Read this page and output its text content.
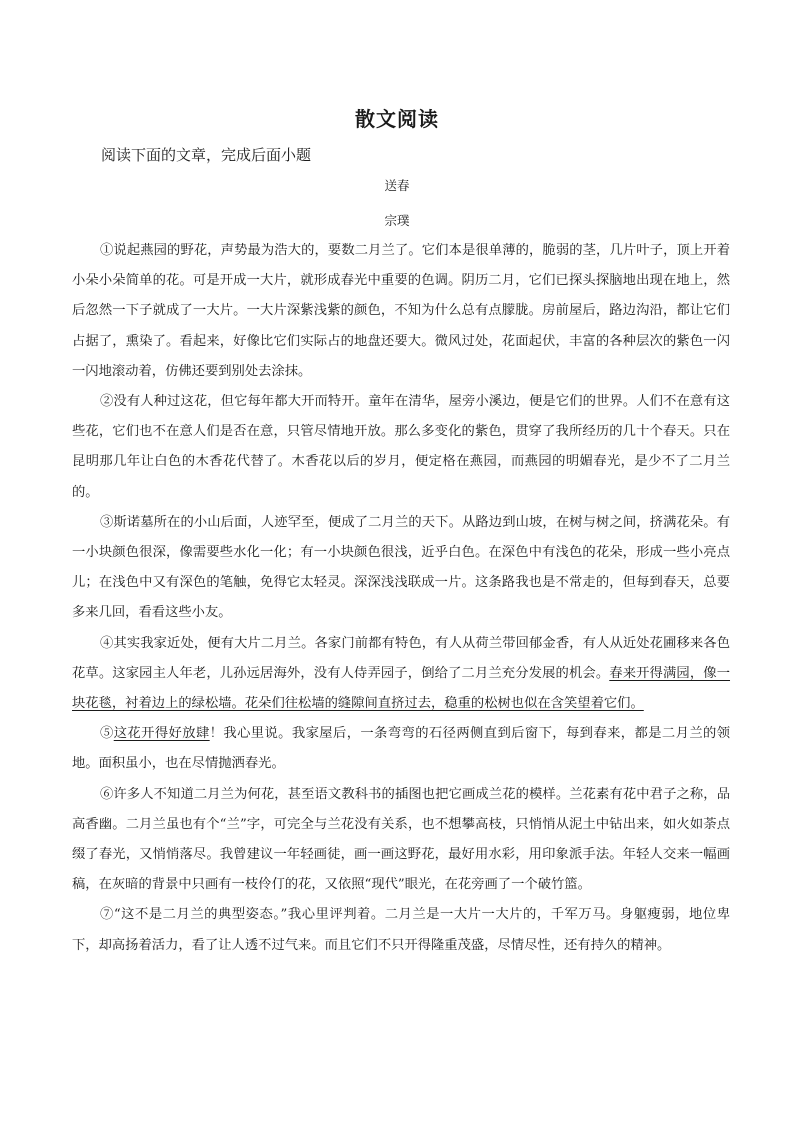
散文阅读
阅读下面的文章，完成后面小题
送春
宗璞

①说起燕园的野花，声势最为浩大的，要数二月兰了。它们本是很单薄的，脆弱的茎，几片叶子，顶上开着小朵小朵简单的花。可是开成一大片，就形成春光中重要的色调。阴历二月，它们已探头探脑地出现在地上，然后忽然一下子就成了一大片。一大片深紫浅紫的颜色，不知为什么总有点朦胧。房前屋后，路边沟沿，都让它们占据了，熏染了。看起来，好像比它们实际占的地盘还要大。微风过处，花面起伏，丰富的各种层次的紫色一闪一闪地滚动着，仿佛还要到别处去涂抹。

②没有人种过这花，但它每年都大开而特开。童年在清华，屋旁小溪边，便是它们的世界。人们不在意有这些花，它们也不在意人们是否在意，只管尽情地开放。那么多变化的紫色，贯穿了我所经历的几十个春天。只在昆明那几年让白色的木香花代替了。木香花以后的岁月，便定格在燕园，而燕园的明媚春光，是少不了二月兰的。

③斯诺墓所在的小山后面，人迹罕至，便成了二月兰的天下。从路边到山坡，在树与树之间，挤满花朵。有一小块颜色很深，像需要些水化一化；有一小块颜色很浅，近乎白色。在深色中有浅色的花朵，形成一些小亮点儿；在浅色中又有深色的笔触，免得它太轻灵。深深浅浅联成一片。这条路我也是不常走的，但每到春天，总要多来几回，看看这些小友。

④其实我家近处，便有大片二月兰。各家门前都有特色，有人从荷兰带回郁金香，有人从近处花圃移来各色花草。这家园主人年老，儿孙远居海外，没有人侍弄园子，倒给了二月兰充分发展的机会。春来开得满园，像一块花毯，衬着边上的绿松墙。花朵们往松墙的缝隙间直挤过去，稳重的松树也似在含笑望着它们。

⑤这花开得好放肆！我心里说。我家屋后，一条弯弯的石径两侧直到后窗下，每到春来，都是二月兰的领地。面积虽小，也在尽情抛洒春光。

⑥许多人不知道二月兰为何花，甚至语文教科书的插图也把它画成兰花的模样。兰花素有花中君子之称，品高香幽。二月兰虽也有个“兰”字，可完全与兰花没有关系，也不想攀高枝，只悄悄从泥土中钻出来，如火如荼点缀了春光，又悄悄落尽。我曾建议一年轻画徒，画一画这野花，最好用水彩，用印象派手法。年轻人交来一幅画稿，在灰暗的背景中只画有一枝伶仃的花，又依照“现代”眼光，在花旁画了一个破竹篮。

⑦“这不是二月兰的典型姿态。”我心里评判着。二月兰是一大片一大片的，千军万马。身躯瘦弱，地位卑下，却高扬着活力，看了让人透不过气来。而且它们不只开得隆重茂盛，尽情尽性，还有持久的精神。
